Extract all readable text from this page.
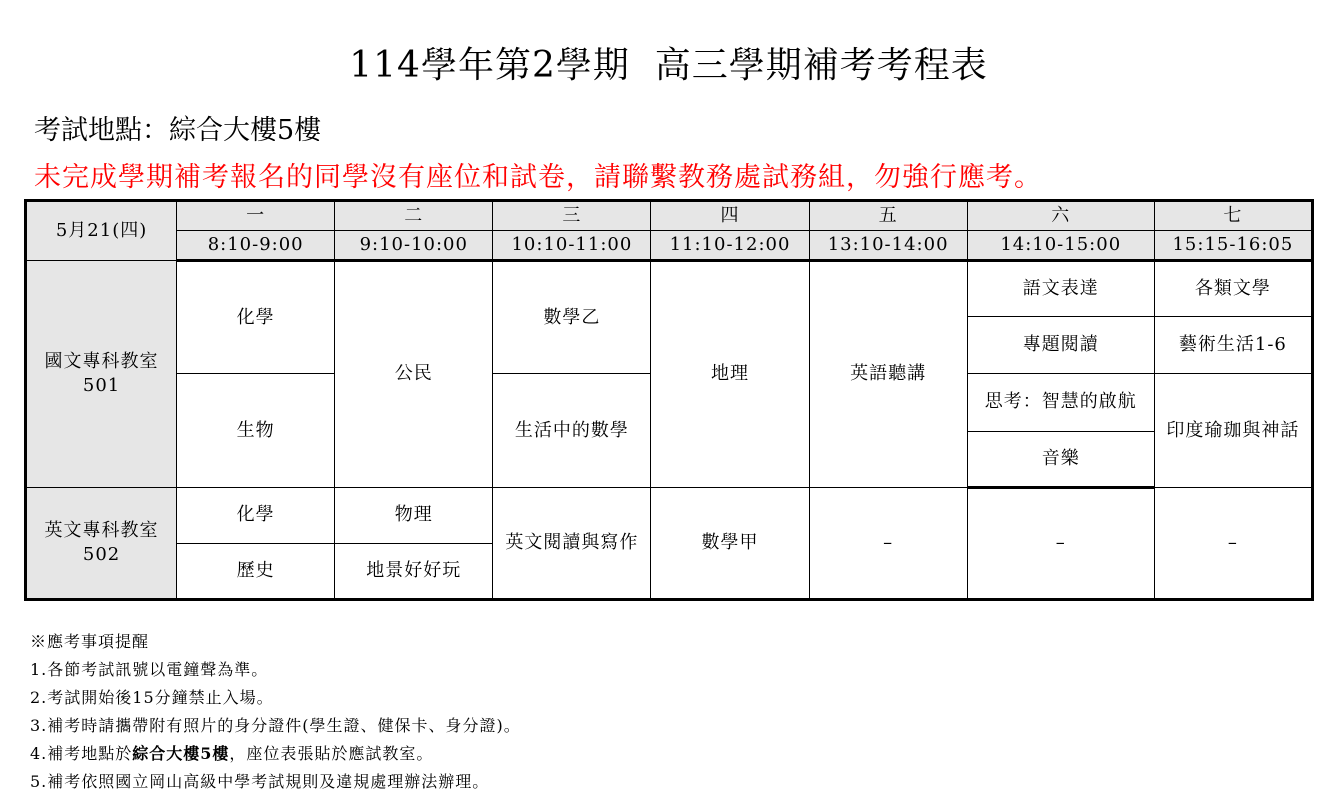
114學年第2學期  高三學期補考考程表
考試地點：綜合大樓5樓
未完成學期補考報名的同學沒有座位和試卷，請聯繫教務處試務組，勿強行應考。
5月21(四)	一	二	三	四	五	六	七
	8:10-9:00	9:10-10:00	10:10-11:00	11:10-12:00	13:10-14:00	14:10-15:00	15:15-16:05

國文專科教室
501	化學	公民	數學乙	地理	英語聽講	語文表達	各類文學
						專題閱讀	藝術生活1-6
	生物		生活中的數學			思考：智慧的啟航	印度瑜珈與神話
						音樂	

英文專科教室
502	化學	物理	英文閱讀與寫作	數學甲	–	–	–
	歷史	地景好好玩					
※應考事項提醒
1.各節考試訊號以電鐘聲為準。
2.考試開始後15分鐘禁止入場。
3.補考時請攜帶附有照片的身分證件(學生證、健保卡、身分證)。
4.補考地點於綜合大樓5樓，座位表張貼於應試教室。
5.補考依照國立岡山高級中學考試規則及違規處理辦法辦理。
